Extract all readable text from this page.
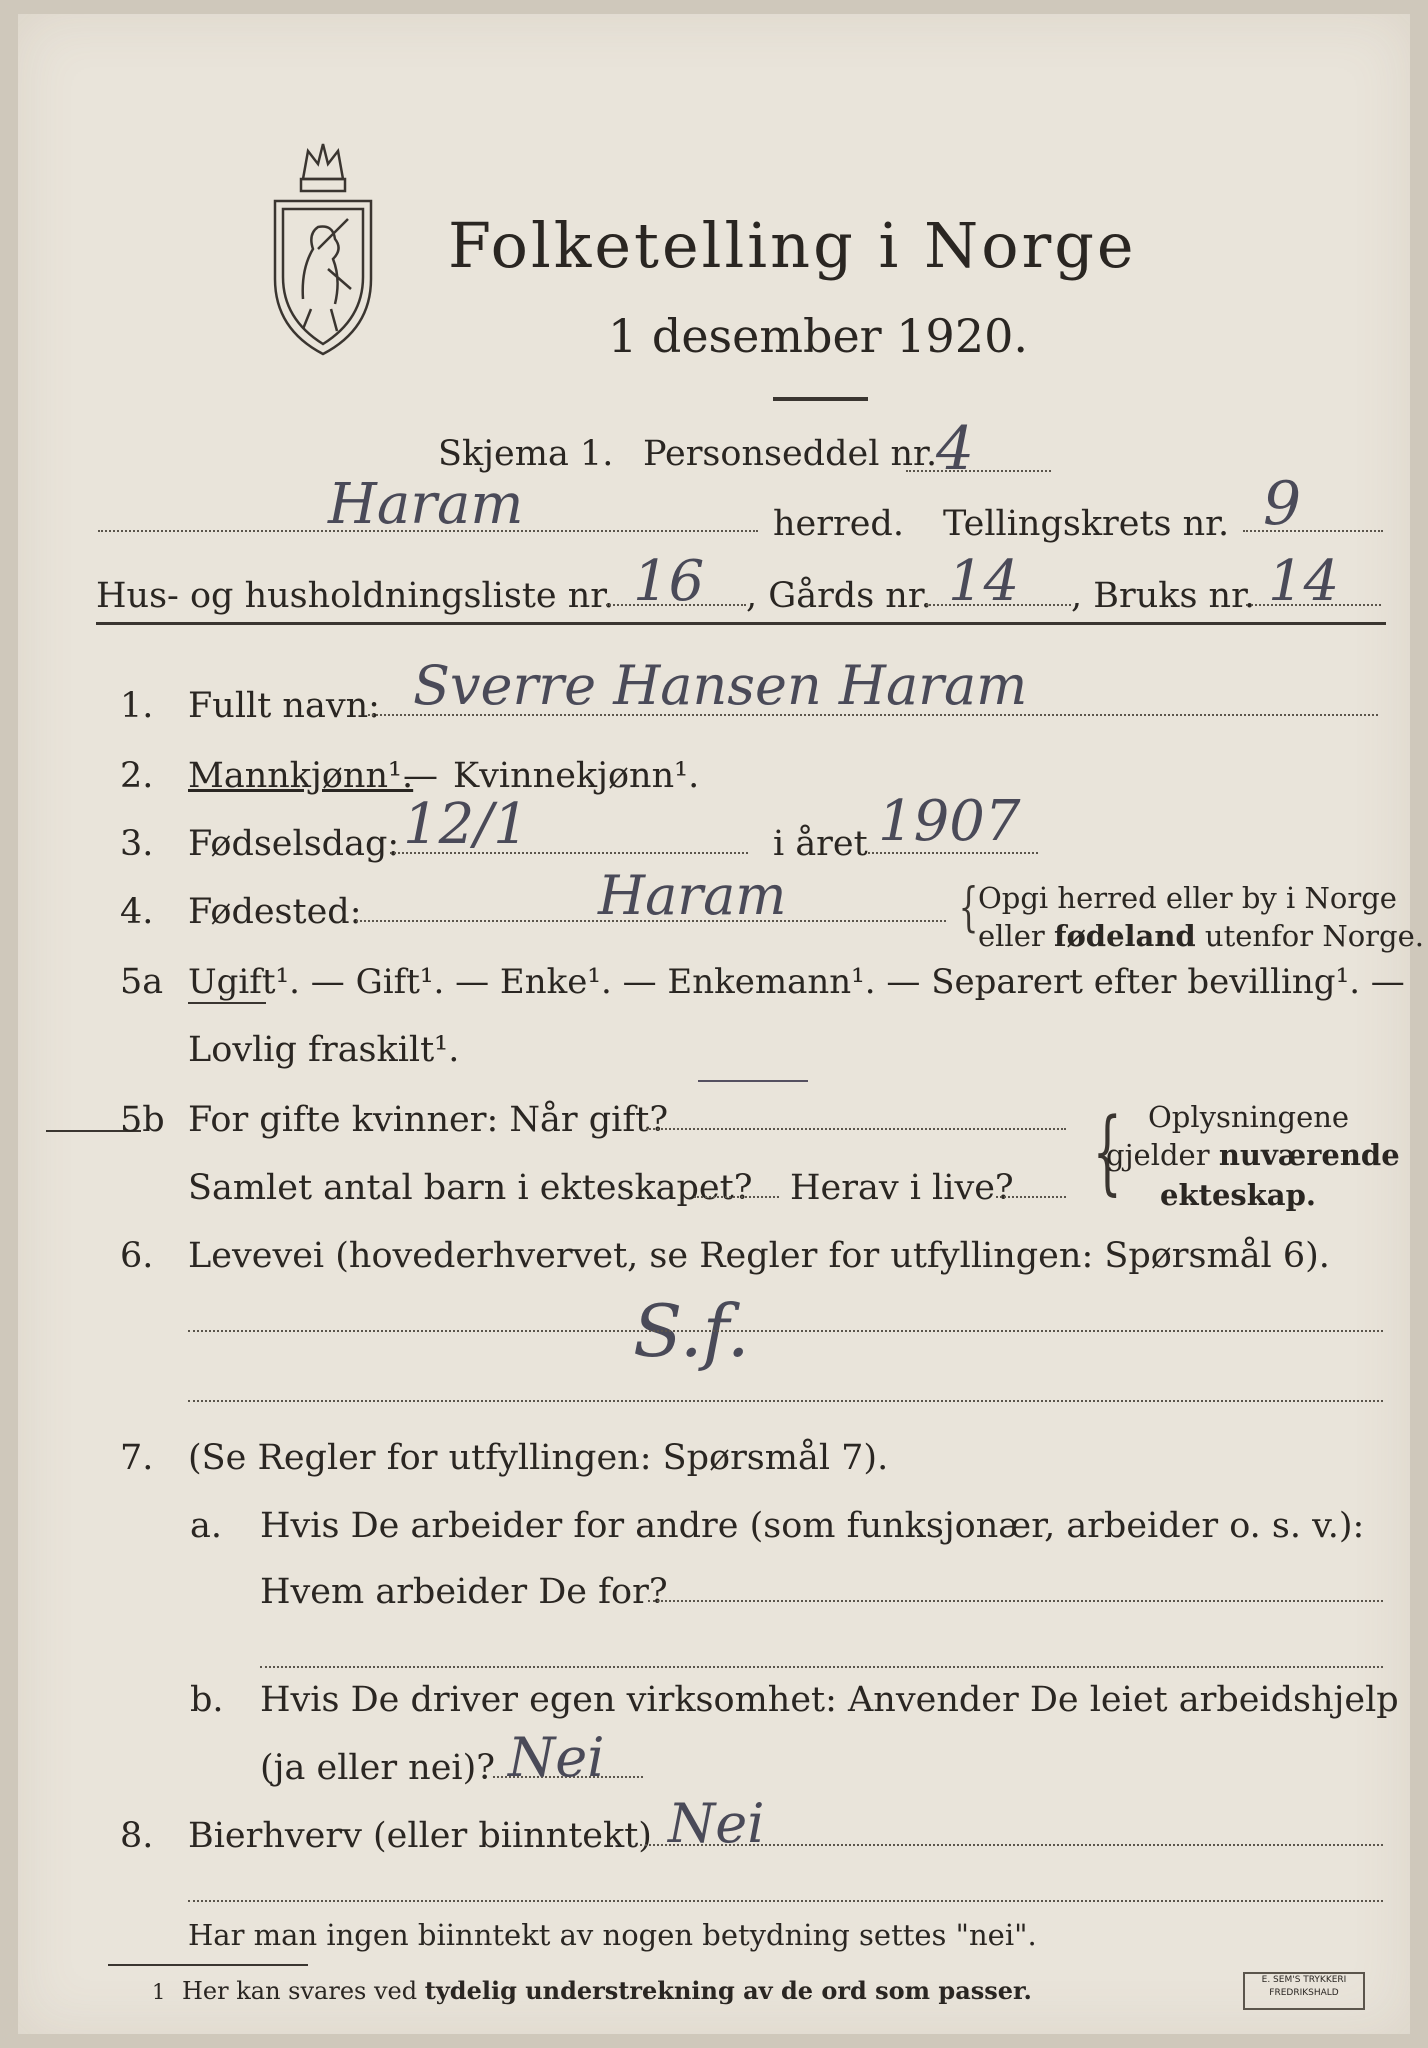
Folketelling i Norge
1 desember 1920.
Skjema 1. Personseddel nr.
4
Haram	herred. Tellingskrets nr. 9
Hus- og husholdningsliste nr. 16 , Gårds nr. 14 , Bruks nr. 14
1. Fullt navn: Sverre Hansen Haram
2. Mannkjønn¹.
— Kvinnekjønn¹.
3. Fødselsdag: 12/1	i året 1907
4. Fødested:	Haram	{ Opgi herred eller by i Norge
eller fødeland utenfor Norge.
5a Ugift¹. — Gift¹. — Enke¹. — Enkemann¹. — Separert efter bevilling¹. —
Lovlig fraskilt¹.
5b For gifte kvinner: Når gift?
Samlet antal barn i ekteskapet? Herav i live? { Oplysningene
gjelder nuværende
ekteskap.
6. Levevei (hovederhvervet, se Regler for utfyllingen: Spørsmål 6).
S.f.
7. (Se Regler for utfyllingen: Spørsmål 7).
a. Hvis De arbeider for andre (som funksjonær, arbeider o. s. v.):
Hvem arbeider De for?
b. Hvis De driver egen virksomhet: Anvender De leiet arbeidshjelp
(ja eller nei)? Nei
8. Bierhverv (eller biinntekt) Nei
Har man ingen biinntekt av nogen betydning settes "nei".
1 Her kan svares ved tydelig understrekning av de ord som passer.	E. SEM'S TRYKKERI
FREDRIKSHALD
